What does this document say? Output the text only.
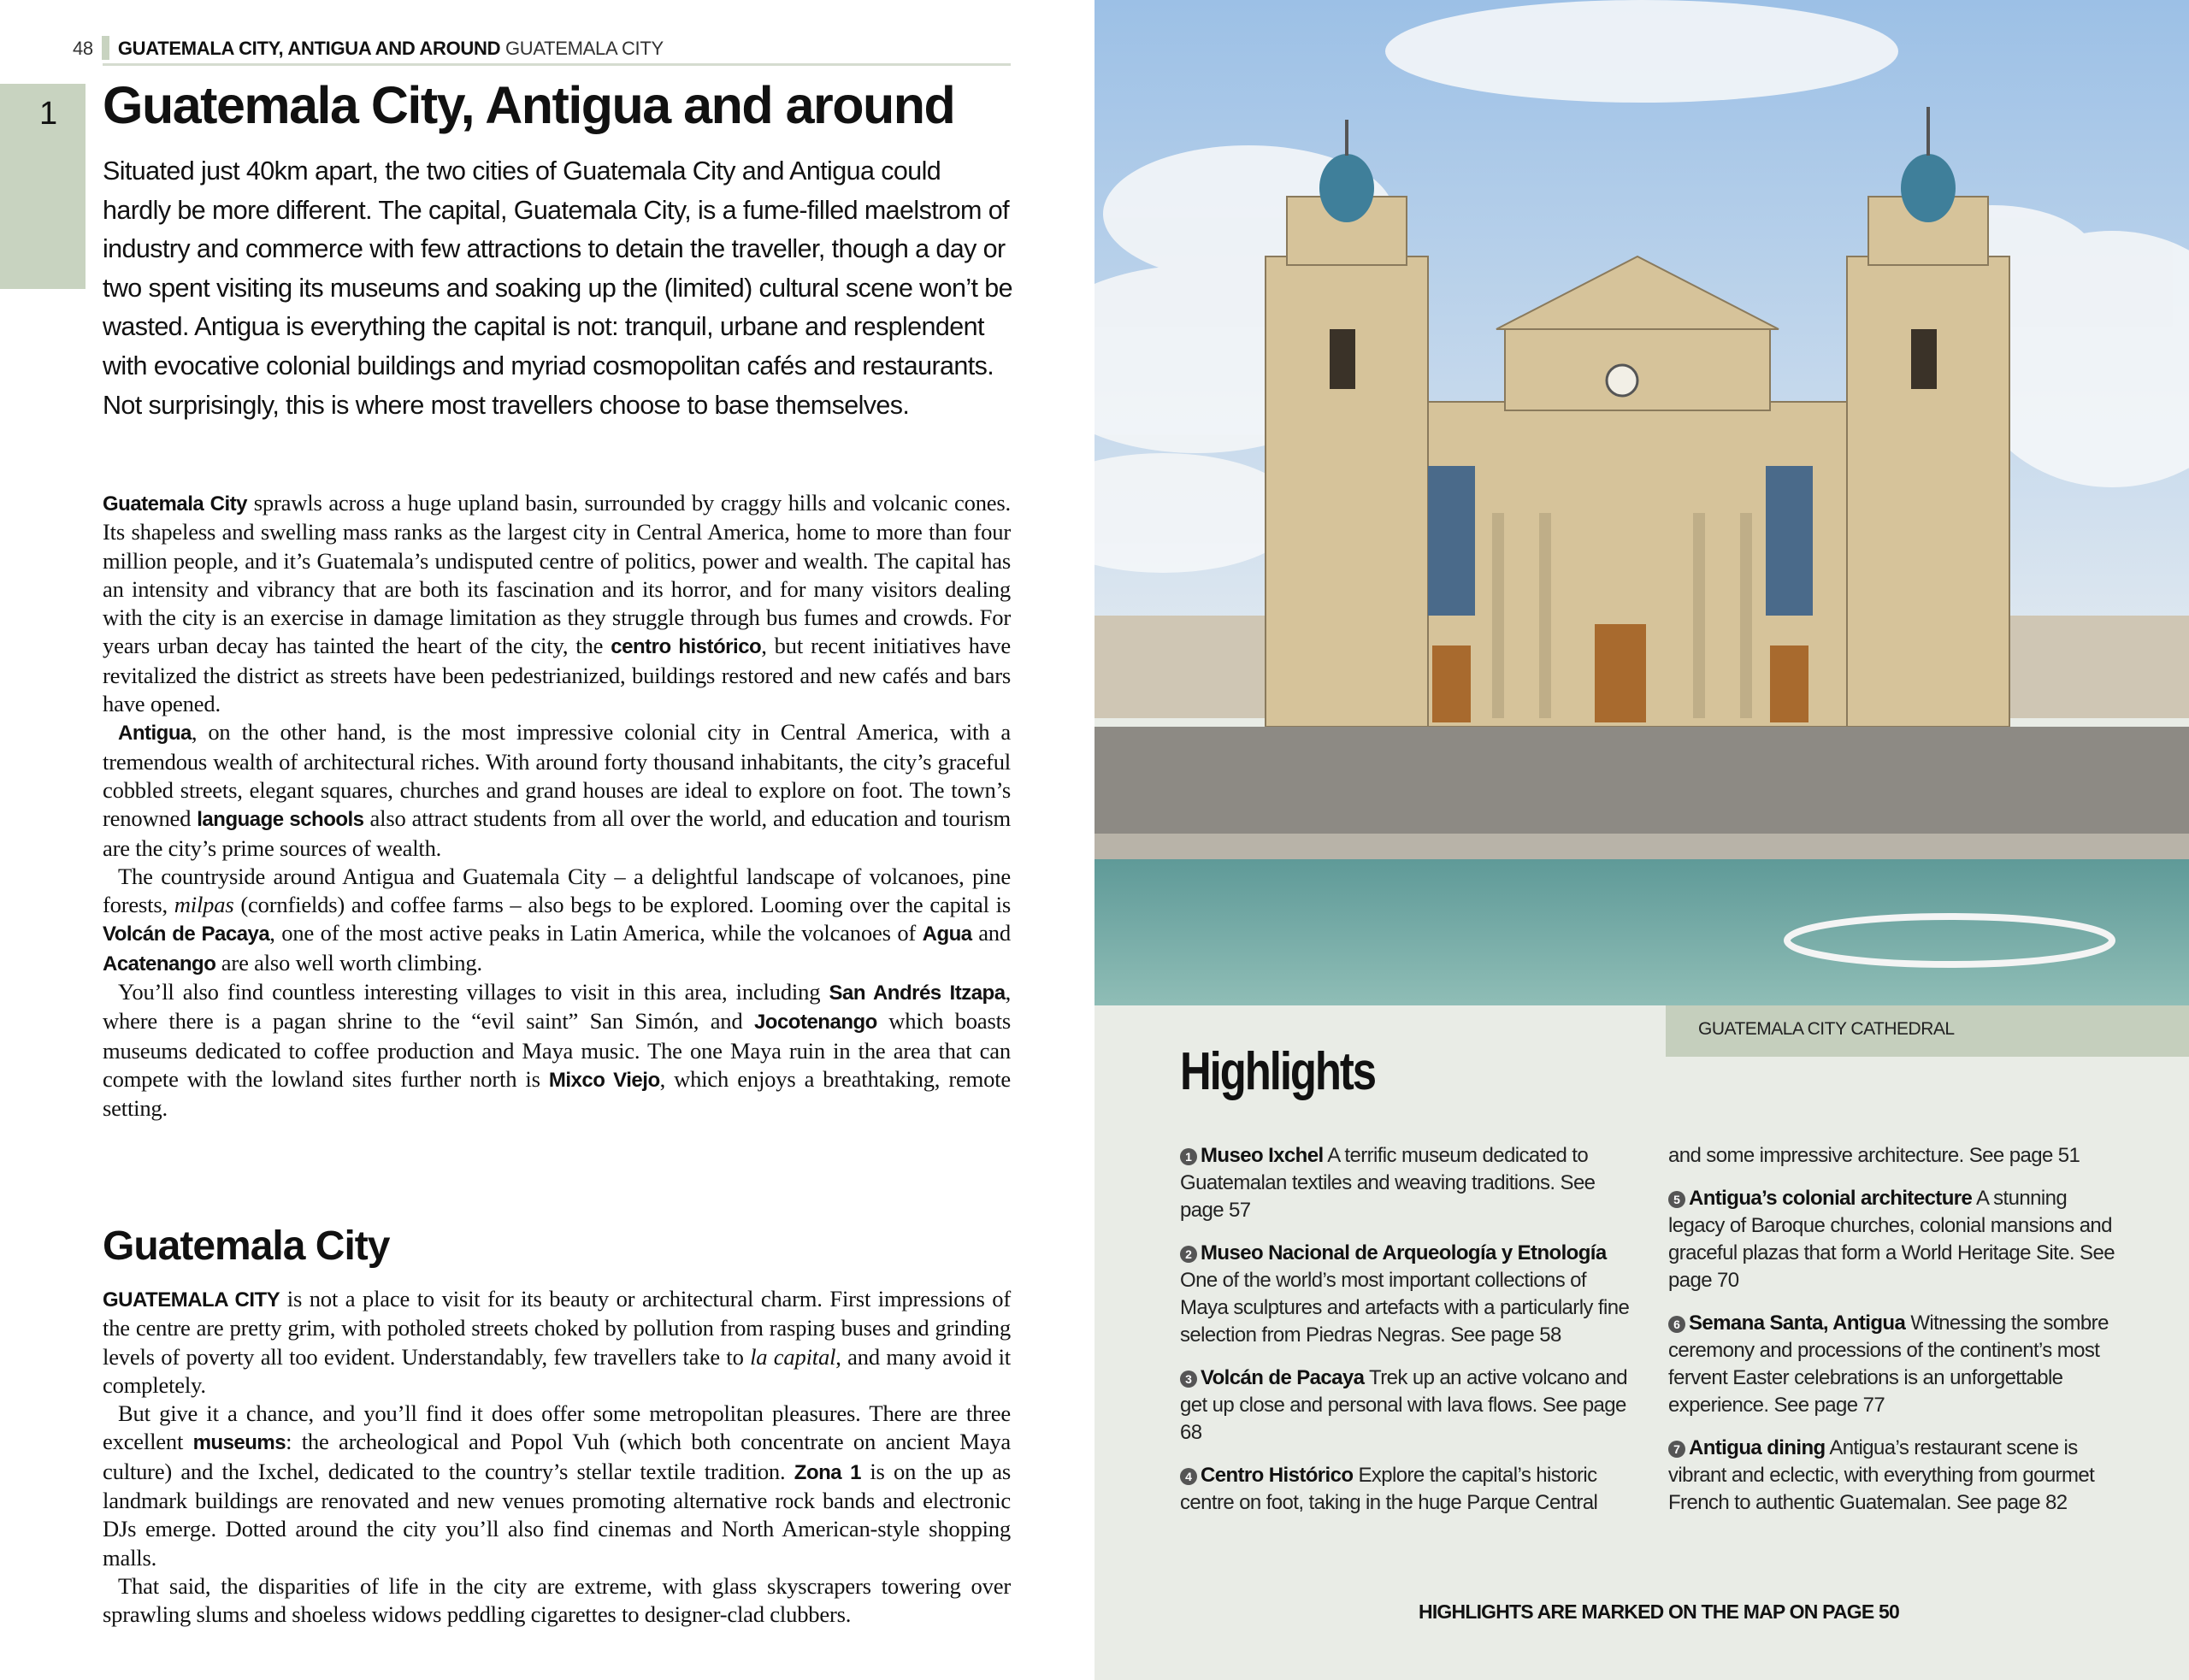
48 GUATEMALA CITY, ANTIGUA AND AROUND GUATEMALA CITY
1 Guatemala City, Antigua and around
Situated just 40km apart, the two cities of Guatemala City and Antigua could hardly be more different. The capital, Guatemala City, is a fume-filled maelstrom of industry and commerce with few attractions to detain the traveller, though a day or two spent visiting its museums and soaking up the (limited) cultural scene won’t be wasted. Antigua is everything the capital is not: tranquil, urbane and resplendent with evocative colonial buildings and myriad cosmopolitan cafés and restaurants. Not surprisingly, this is where most travellers choose to base themselves.

Guatemala City sprawls across a huge upland basin, surrounded by craggy hills and volcanic cones. Its shapeless and swelling mass ranks as the largest city in Central America, home to more than four million people, and it’s Guatemala’s undisputed centre of politics, power and wealth. The capital has an intensity and vibrancy that are both its fascination and its horror, and for many visitors dealing with the city is an exercise in damage limitation as they struggle through bus fumes and crowds. For years urban decay has tainted the heart of the city, the centro histórico, but recent initiatives have revitalized the district as streets have been pedestrianized, buildings restored and new cafés and bars have opened.

Antigua, on the other hand, is the most impressive colonial city in Central America, with a tremendous wealth of architectural riches. With around forty thousand inhabitants, the city’s graceful cobbled streets, elegant squares, churches and grand houses are ideal to explore on foot. The town’s renowned language schools also attract students from all over the world, and education and tourism are the city’s prime sources of wealth.

The countryside around Antigua and Guatemala City – a delightful landscape of volcanoes, pine forests, milpas (cornfields) and coffee farms – also begs to be explored. Looming over the capital is Volcán de Pacaya, one of the most active peaks in Latin America, while the volcanoes of Agua and Acatenango are also well worth climbing.

You’ll also find countless interesting villages to visit in this area, including San Andrés Itzapa, where there is a pagan shrine to the “evil saint” San Simón, and Jocotenango which boasts museums dedicated to coffee production and Maya music. The one Maya ruin in the area that can compete with the lowland sites further north is Mixco Viejo, which enjoys a breathtaking, remote setting.

Guatemala City

GUATEMALA CITY is not a place to visit for its beauty or architectural charm. First impressions of the centre are pretty grim, with potholed streets choked by pollution from rasping buses and grinding levels of poverty all too evident. Understandably, few travellers take to la capital, and many avoid it completely.

But give it a chance, and you’ll find it does offer some metropolitan pleasures. There are three excellent museums: the archeological and Popol Vuh (which both concentrate on ancient Maya culture) and the Ixchel, dedicated to the country’s stellar textile tradition. Zona 1 is on the up as landmark buildings are renovated and new venues promoting alternative rock bands and electronic DJs emerge. Dotted around the city you’ll also find cinemas and North American-style shopping malls.

That said, the disparities of life in the city are extreme, with glass skyscrapers towering over sprawling slums and shoeless widows peddling cigarettes to designer-clad clubbers.

GUATEMALA CITY CATHEDRAL
Highlights
1 Museo Ixchel A terrific museum dedicated to Guatemalan textiles and weaving traditions. See page 57
2 Museo Nacional de Arqueología y Etnología One of the world’s most important collections of Maya sculptures and artefacts with a particularly fine selection from Piedras Negras. See page 58
3 Volcán de Pacaya Trek up an active volcano and get up close and personal with lava flows. See page 68
4 Centro Histórico Explore the capital’s historic centre on foot, taking in the huge Parque Central and some impressive architecture. See page 51
5 Antigua’s colonial architecture A stunning legacy of Baroque churches, colonial mansions and graceful plazas that form a World Heritage Site. See page 70
6 Semana Santa, Antigua Witnessing the sombre ceremony and processions of the continent’s most fervent Easter celebrations is an unforgettable experience. See page 77
7 Antigua dining Antigua’s restaurant scene is vibrant and eclectic, with everything from gourmet French to authentic Guatemalan. See page 82
HIGHLIGHTS ARE MARKED ON THE MAP ON PAGE 50
